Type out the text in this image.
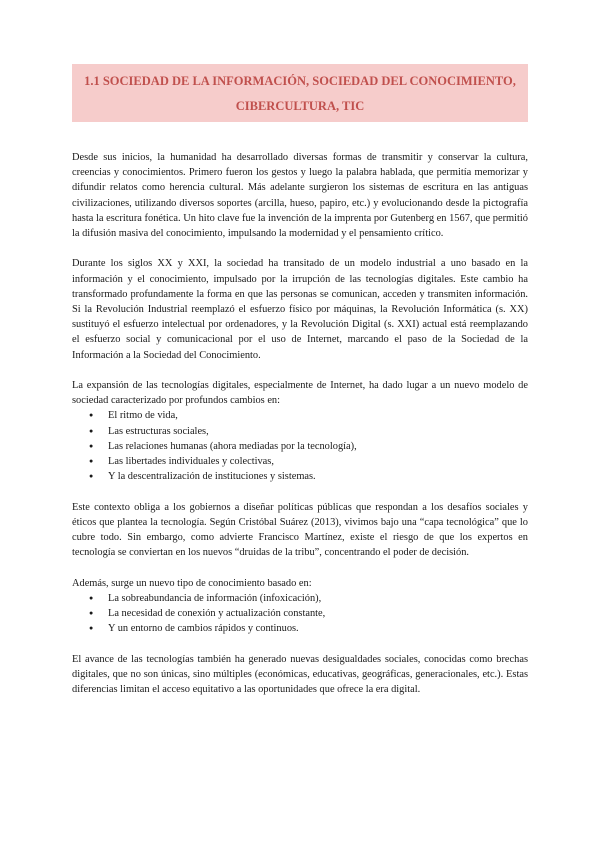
1.1 SOCIEDAD DE LA INFORMACIÓN, SOCIEDAD DEL CONOCIMIENTO,
CIBERCULTURA, TIC

Desde sus inicios, la humanidad ha desarrollado diversas formas de transmitir y conservar la cultura, creencias y conocimientos. Primero fueron los gestos y luego la palabra hablada, que permitía memorizar y difundir relatos como herencia cultural. Más adelante surgieron los sistemas de escritura en las antiguas civilizaciones, utilizando diversos soportes (arcilla, hueso, papiro, etc.) y evolucionando desde la pictografía hasta la escritura fonética. Un hito clave fue la invención de la imprenta por Gutenberg en 1567, que permitió la difusión masiva del conocimiento, impulsando la modernidad y el pensamiento crítico.

Durante los siglos XX y XXI, la sociedad ha transitado de un modelo industrial a uno basado en la información y el conocimiento, impulsado por la irrupción de las tecnologías digitales. Este cambio ha transformado profundamente la forma en que las personas se comunican, acceden y transmiten información. Si la Revolución Industrial reemplazó el esfuerzo físico por máquinas, la Revolución Informática (s. XX) sustituyó el esfuerzo intelectual por ordenadores, y la Revolución Digital (s. XXI) actual está reemplazando el esfuerzo social y comunicacional por el uso de Internet, marcando el paso de la Sociedad de la Información a la Sociedad del Conocimiento.

La expansión de las tecnologías digitales, especialmente de Internet, ha dado lugar a un nuevo modelo de sociedad caracterizado por profundos cambios en:

● El ritmo de vida,
● Las estructuras sociales,
● Las relaciones humanas (ahora mediadas por la tecnología),
● Las libertades individuales y colectivas,
● Y la descentralización de instituciones y sistemas.

Este contexto obliga a los gobiernos a diseñar políticas públicas que respondan a los desafíos sociales y éticos que plantea la tecnología. Según Cristóbal Suárez (2013), vivimos bajo una “capa tecnológica” que lo cubre todo. Sin embargo, como advierte Francisco Martínez, existe el riesgo de que los expertos en tecnología se conviertan en los nuevos “druidas de la tribu”, concentrando el poder de decisión.

Además, surge un nuevo tipo de conocimiento basado en:

● La sobreabundancia de información (infoxicación),
● La necesidad de conexión y actualización constante,
● Y un entorno de cambios rápidos y continuos.

El avance de las tecnologías también ha generado nuevas desigualdades sociales, conocidas como brechas digitales, que no son únicas, sino múltiples (económicas, educativas, geográficas, generacionales, etc.). Estas diferencias limitan el acceso equitativo a las oportunidades que ofrece la era digital.
